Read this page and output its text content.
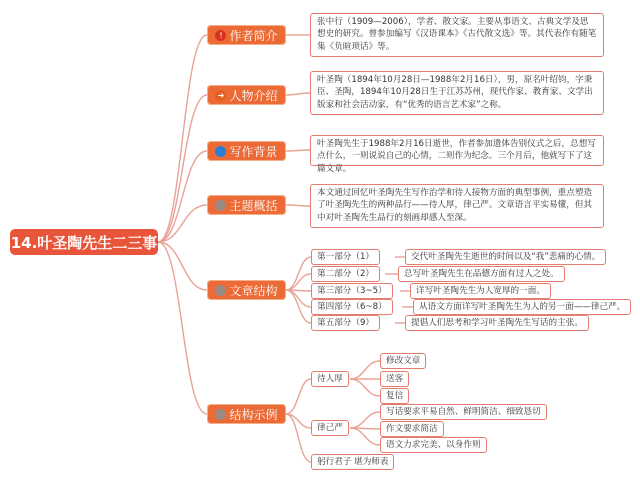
14.叶圣陶先生二三事
! 作者简介
张中行（1909—2006），学者、散文家。主要从事语文、古典文学及思想史的研究。曾参加编写《汉语课本》《古代散文选》等。其代表作有随笔集《负暄琐话》等。
➜ 人物介绍
叶圣陶（1894年10月28日—1988年2月16日），男，原名叶绍钧，字秉臣、圣陶，1894年10月28日生于江苏苏州，现代作家、教育家、文学出版家和社会活动家，有“优秀的语言艺术家”之称。
写作背景
叶圣陶先生于1988年2月16日逝世，作者参加遗体告别仪式之后，总想写点什么，一则说说自己的心情，二则作为纪念。三个月后，他就写下了这篇文章。
主题概括
本文通过回忆叶圣陶先生写作治学和待人接物方面的典型事例，重点塑造了叶圣陶先生的两种品行——待人厚，律己严。文章语言平实易懂，但其中对叶圣陶先生品行的刻画却感人至深。
文章结构
第一部分（1）
第二部分（2）
第三部分（3~5）
第四部分（6~8）
第五部分（9）
交代叶圣陶先生逝世的时间以及“我”悲痛的心情。
总写叶圣陶先生在品德方面有过人之处。
详写叶圣陶先生为人宽厚的一面。
从语文方面详写叶圣陶先生为人的另一面——律己严。
提倡人们思考和学习叶圣陶先生写话的主张。
结构示例
待人厚
律己严
躬行君子 堪为师表
修改文章
送客
复信
写话要求平易自然、鲜明简洁、细致恳切
作文要求简洁
语文力求完美、以身作则
